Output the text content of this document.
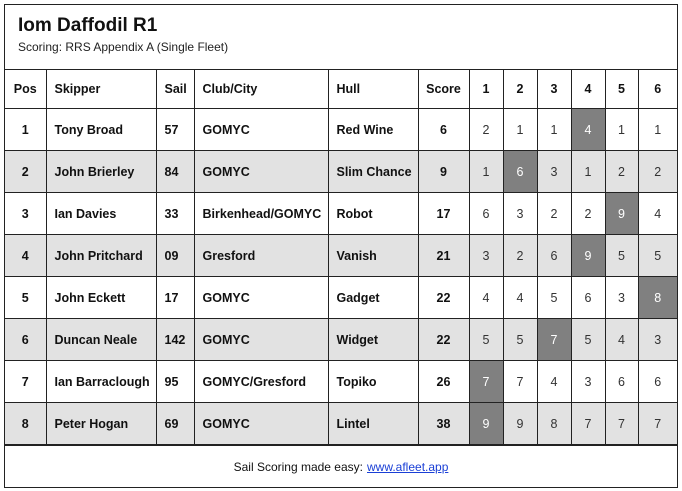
Iom Daffodil R1
Scoring: RRS Appendix A (Single Fleet)
Pos	Skipper	Sail	Club/City	Hull	Score	1	2	3	4	5	6
1	Tony Broad	57	GOMYC	Red Wine	6	2	1	1	4	1	1
2	John Brierley	84	GOMYC	Slim Chance	9	1	6	3	1	2	2
3	Ian Davies	33	Birkenhead/GOMYC	Robot	17	6	3	2	2	9	4
4	John Pritchard	09	Gresford	Vanish	21	3	2	6	9	5	5
5	John Eckett	17	GOMYC	Gadget	22	4	4	5	6	3	8
6	Duncan Neale	142	GOMYC	Widget	22	5	5	7	5	4	3
7	Ian Barraclough	95	GOMYC/Gresford	Topiko	26	7	7	4	3	6	6
8	Peter Hogan	69	GOMYC	Lintel	38	9	9	8	7	7	7
Sail Scoring made easy: www.afleet.app
